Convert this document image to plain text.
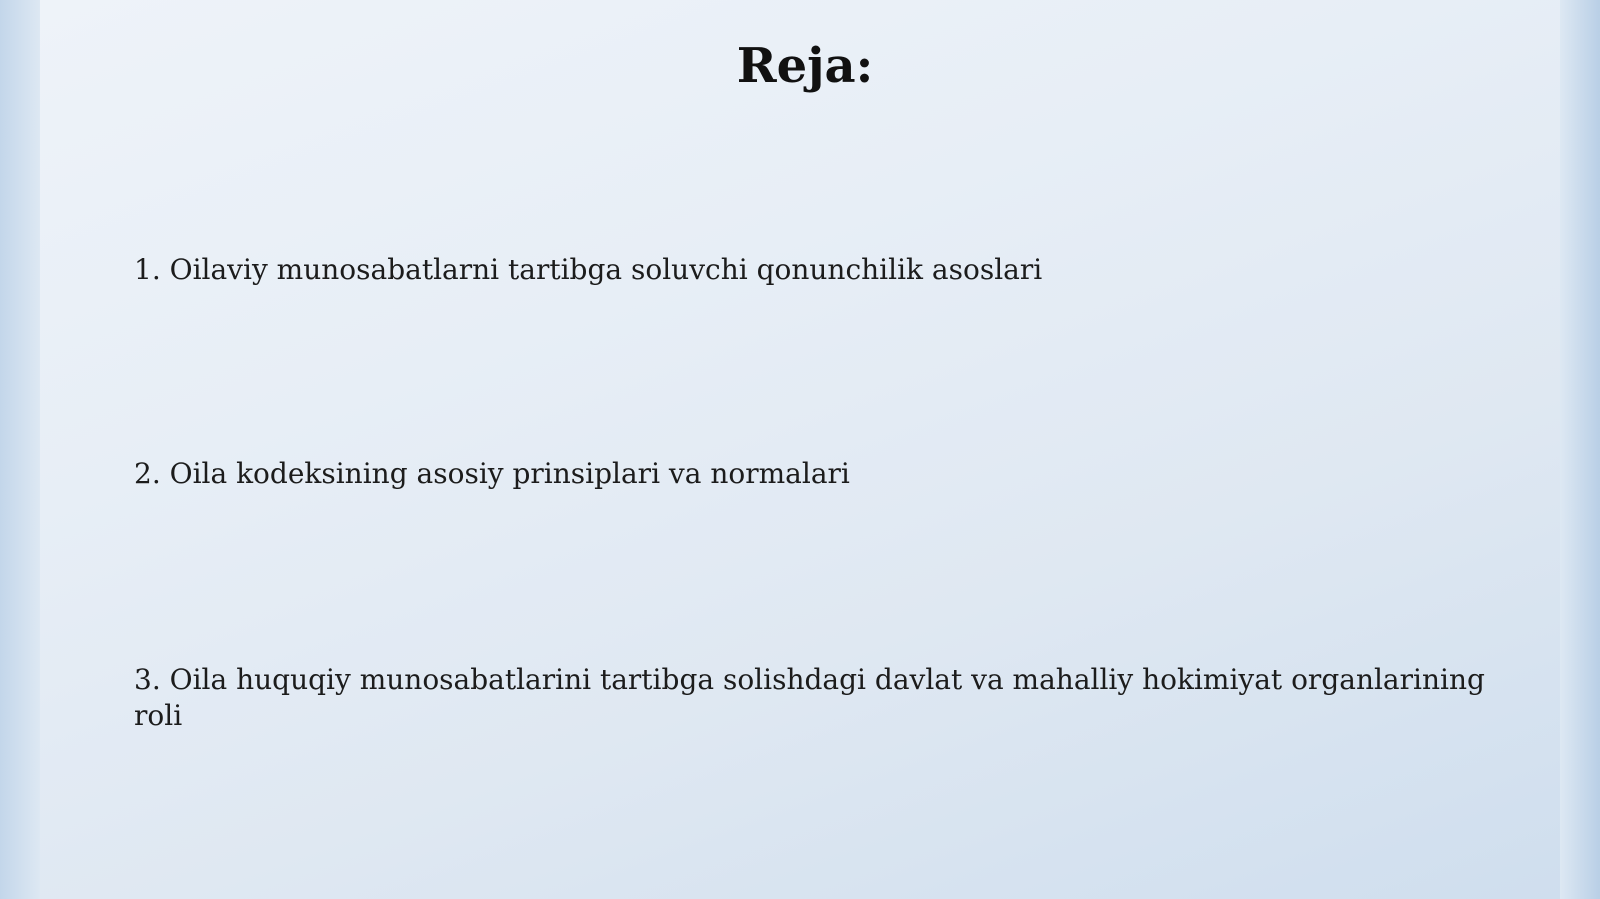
Reja:

1. Oilaviy munosabatlarni tartibga soluvchi qonunchilik asoslari

2. Oila kodeksining asosiy prinsiplari va normalari

3. Oila huquqiy munosabatlarini tartibga solishdagi davlat va mahalliy hokimiyat organlarining roli
